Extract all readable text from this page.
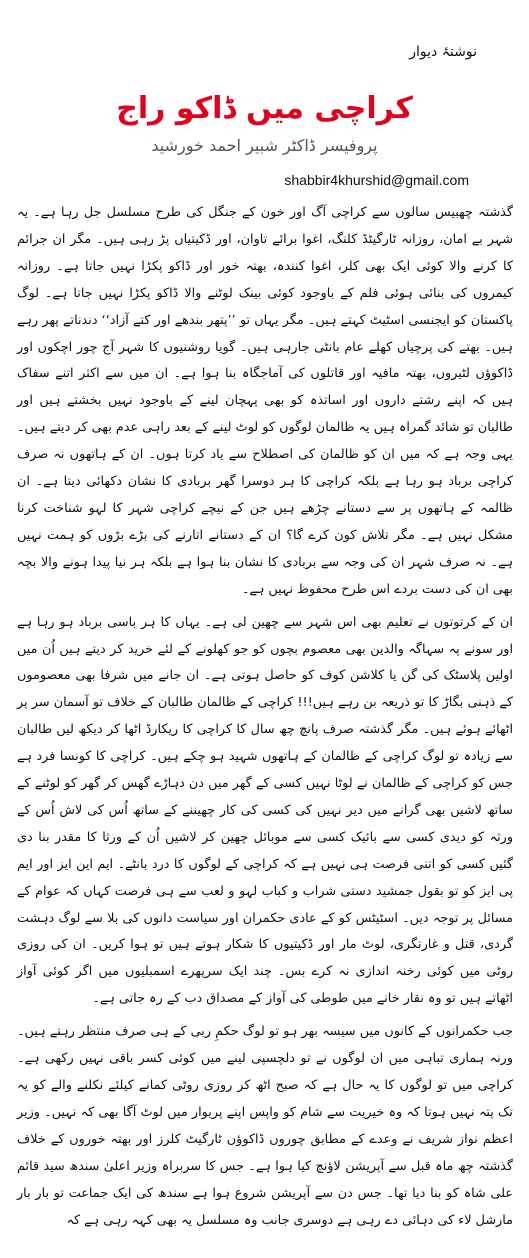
نوشتۂ دیوار
کراچی میں ڈاکو راج
پروفیسر ڈاکٹر شبیر احمد خورشید
shabbir4khurshid@gmail.com

گذشتہ چھبیس سالوں سے کراچی آگ اور خون کے جنگل کی طرح مسلسل جل رہا ہے۔ یہ شہر بے امان، روزانہ ٹارگیٹڈ کلنگ، اغوا برائے تاوان، اور ڈکیتیاں پڑ رہی ہیں۔ مگر ان جرائم کا کرنے والا کوئی ایک بھی کلر، اغوا کنندہ، بھتہ خور اور ڈاکو پکڑا نہیں جاتا ہے۔ روزانہ کیمروں کی بنائی ہوئی فلم کے باوجود کوئی بینک لوٹنے والا ڈاکو پکڑا نہیں جاتا ہے۔ لوگ پاکستان کو ایجنسی اسٹیٹ کہتے ہیں۔ مگر یہاں تو ’’پتھر بندھے اور کتے آزاد‘‘ دندناتے پھر رہے ہیں۔ بھتے کی پرچیاں کھلے عام بانٹی جارہی ہیں۔ گویا روشنیوں کا شہر آج چور اچکوں اور ڈاکوؤں لٹیروں، بھتہ مافیہ اور قاتلوں کی آماجگاہ بنا ہوا ہے۔ ان میں سے اکثر اتنے سفاک ہیں کہ اپنے رشتے داروں اور اساتذہ کو بھی پہچان لینے کے باوجود نہیں بخشتے ہیں اور طالبان تو شائد گمراہ ہیں یہ ظالمان لوگوں کو لوٹ لینے کے بعد راہی عدم بھی کر دیتے ہیں۔ یہی وجہ ہے کہ میں ان کو ظالمان کی اصطلاح سے یاد کرتا ہوں۔ ان کے ہاتھوں نہ صرف کراچی برباد ہو رہا ہے بلکہ کراچی کا ہر دوسرا گھر بربادی کا نشان دکھائی دیتا ہے۔ ان ظالمہ کے ہاتھوں پر سے دستانے چڑھے ہیں جن کے نیچے کراچی شہر کا لہو شناخت کرنا مشکل نہیں ہے۔ مگر تلاش کون کرے گا؟ ان کے دستانے اتارنے کی بڑے بڑوں کو ہمت نہیں ہے۔ نہ صرف شہر ان کی وجہ سے بربادی کا نشان بنا ہوا ہے بلکہ ہر نیا پیدا ہونے والا بچہ بھی ان کی دست بردے اس طرح محفوظ نہیں ہے۔

ان کے کرتوتوں نے تعلیم بھی اس شہر سے چھین لی ہے۔ یہاں کا ہر باسی برباد ہو رہا ہے اور سونے پہ سہاگہ والدین بھی معصوم بچوں کو جو کھلونے کے لئے خرید کر دیتے ہیں اُن میں اولین پلاسٹک کی گن یا کلاشن کوف کو حاصل ہوتی ہے۔ ان جانے میں شرفا بھی معصوموں کے ذہنی بگاڑ کا تو ذریعہ بن رہے ہیں!!! کراچی کے ظالمان طالبان کے خلاف تو آسمان سر پر اٹھائے ہوئے ہیں۔ مگر گذشتہ صرف پانچ چھ سال کا کراچی کا ریکارڈ اٹھا کر دیکھ لیں طالبان سے زیادہ تو لوگ کراچی کے ظالمان کے ہاتھوں شہید ہو چکے ہیں۔ کراچی کا کونسا فرد ہے جس کو کراچی کے ظالمان نے لوٹا نہیں کسی کے گھر میں دن دہاڑے گھس کر گھر کو لوٹنے کے ساتھ لاشیں بھی گرانے میں دیر نہیں کی کسی کی کار چھیننے کے ساتھ اُس کی لاش اُس کے ورثہ کو دیدی کسی سے بائیک کسی سے موبائل چھین کر لاشیں اُن کے ورثا کا مقدر بنا دی گئیں کسی کو اتنی فرصت ہی نہیں ہے کہ کراچی کے لوگوں کا درد بانٹے۔ ایم این ایز اور ایم پی ایز کو تو بقول جمشید دستی شراب و کباب لہو و لعب سے ہی فرصت کہاں کہ عوام کے مسائل پر توجہ دیں۔ اسٹیٹس کو کے عادی حکمران اور سیاست دانوں کی بلا سے لوگ دہشت گردی، قتل و غارتگری، لوٹ مار اور ڈکیتیوں کا شکار ہوتے ہیں تو ہوا کریں۔ ان کی روزی روٹی میں کوئی رخنہ اندازی نہ کرے بس۔ چند ایک سرپھرے اسمبلیوں میں اگر کوئی آواز اٹھاتے ہیں تو وہ نقار خانے میں طوطی کی آواز کے مصداق دب کے رہ جاتی ہے۔

جب حکمرانوں کے کانوں میں سیسہ بھر ہو تو لوگ حکمِ ربی کے ہی صرف منتظر رہتے ہیں۔ ورنہ ہماری تباہی میں ان لوگوں نے تو دلچسپی لینے میں کوئی کسر باقی نہیں رکھی ہے۔ کراچی میں تو لوگوں کا یہ حال ہے کہ صبح اٹھ کر روزی روٹی کمانے کیلئے نکلنے والے کو یہ تک پتہ نہیں ہوتا کہ وہ خیریت سے شام کو واپس اپنے پریوار میں لوٹ آگا بھی کہ نہیں۔ وزیر اعظم نواز شریف نے وعدے کے مطابق چوروں ڈاکوؤں ٹارگیٹ کلرز اور بھتہ خوروں کے خلاف گذشتہ چھ ماہ قبل سے آپریشن لاؤنچ کیا ہوا ہے۔ جس کا سربراہ وزیر اعلیٰ سندھ سید قائم علی شاہ کو بنا دیا تھا۔ جس دن سے آپریشن شروع ہوا ہے سندھ کی ایک جماعت تو بار بار مارشل لاء کی دہائی دے رہی ہے دوسری جانب وہ مسلسل یہ بھی کہہ رہی ہے کہ
